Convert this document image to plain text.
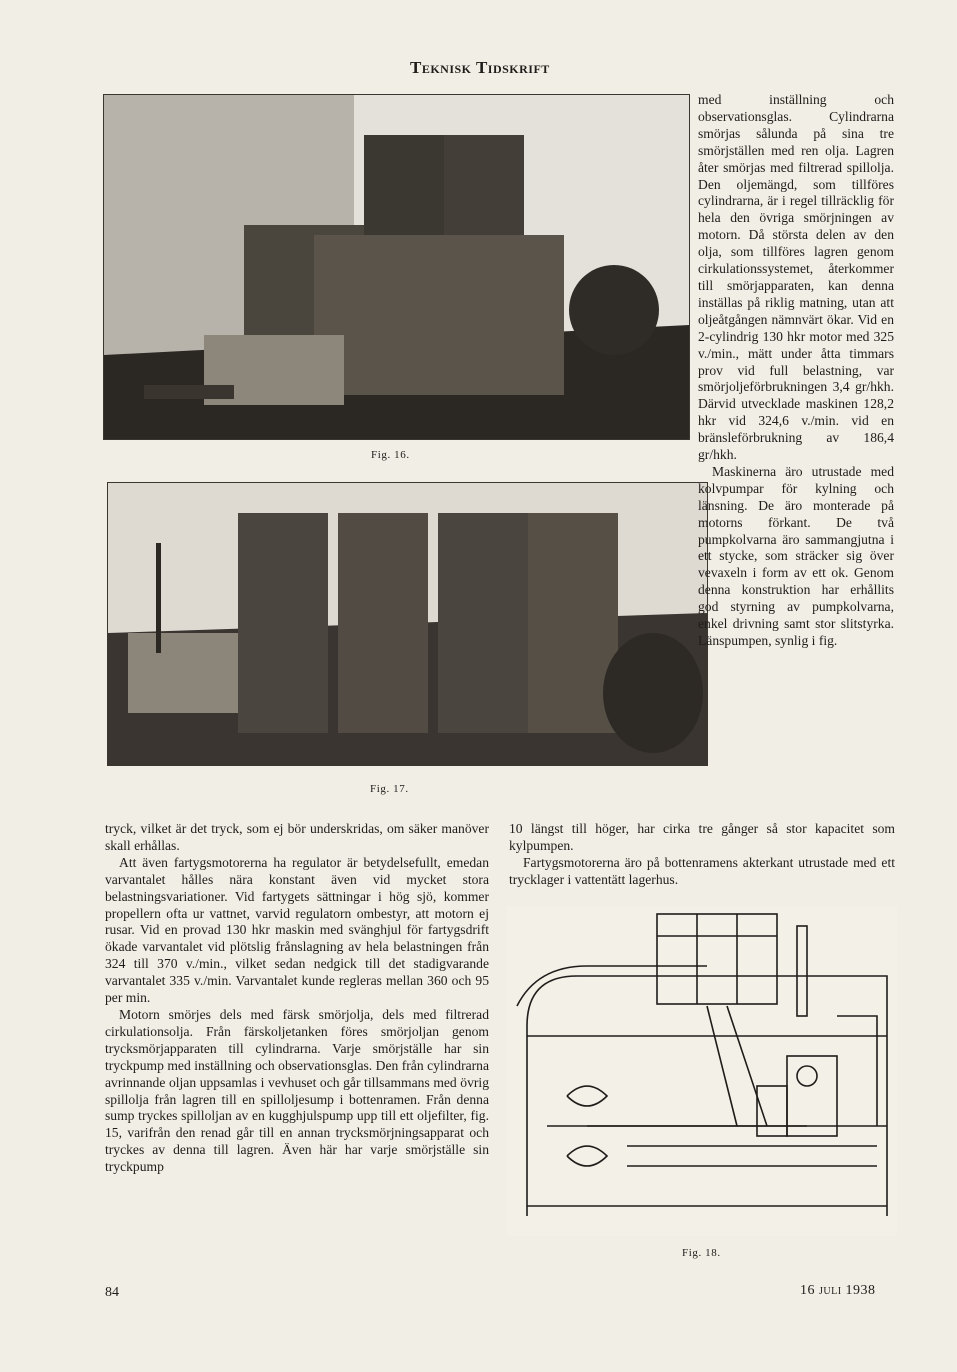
Teknisk Tidskrift
Fig. 16.
Fig. 17.

med inställning och observationsglas. Cylindrarna smörjas sålunda på sina tre smörjställen med ren olja. Lagren åter smörjas med filtrerad spillolja. Den oljemängd, som tillföres cylindrarna, är i regel tillräcklig för hela den övriga smörjningen av motorn. Då största delen av den olja, som tillföres lagren genom cirkulationssystemet, återkommer till smörjapparaten, kan denna inställas på riklig matning, utan att oljeåtgången nämnvärt ökar. Vid en 2-cylindrig 130 hkr motor med 325 v./min., mätt under åtta timmars prov vid full belastning, var smörjoljeförbrukningen 3,4 gr/hkh. Därvid utvecklade maskinen 128,2 hkr vid 324,6 v./min. vid en bränsleförbrukning av 186,4 gr/hkh.

Maskinerna äro utrustade med kolvpumpar för kylning och länsning. De äro monterade på motorns förkant. De två pumpkolvarna äro sammangjutna i ett stycke, som sträcker sig över vevaxeln i form av ett ok. Genom denna konstruktion har erhållits god styrning av pumpkolvarna, enkel drivning samt stor slitstyrka. Länspumpen, synlig i fig.

10 längst till höger, har cirka tre gånger så stor kapacitet som kylpumpen.

Fartygsmotorerna äro på bottenramens akterkant utrustade med ett trycklager i vattentätt lagerhus.

tryck, vilket är det tryck, som ej bör underskridas, om säker manöver skall erhållas.

Att även fartygsmotorerna ha regulator är betydelsefullt, emedan varvantalet hålles nära konstant även vid mycket stora belastningsvariationer. Vid fartygets sättningar i hög sjö, kommer propellern ofta ur vattnet, varvid regulatorn ombestyr, att motorn ej rusar. Vid en provad 130 hkr maskin med svänghjul för fartygsdrift ökade varvantalet vid plötslig frånslagning av hela belastningen från 324 till 370 v./min., vilket sedan nedgick till det stadigvarande varvantalet 335 v./min. Varvantalet kunde regleras mellan 360 och 95 per min.

Motorn smörjes dels med färsk smörjolja, dels med filtrerad cirkulationsolja. Från färskoljetanken föres smörjoljan genom trycksmörjapparaten till cylindrarna. Varje smörjställe har sin tryckpump med inställning och observationsglas. Den från cylindrarna avrinnande oljan uppsamlas i vevhuset och går tillsammans med övrig spillolja från lagren till en spilloljesump i bottenramen. Från denna sump tryckes spilloljan av en kugghjulspump upp till ett oljefilter, fig. 15, varifrån den renad går till en annan trycksmörjningsapparat och tryckes av denna till lagren. Även här har varje smörjställe sin tryckpump

Fig. 18.
84	16 juli 1938
